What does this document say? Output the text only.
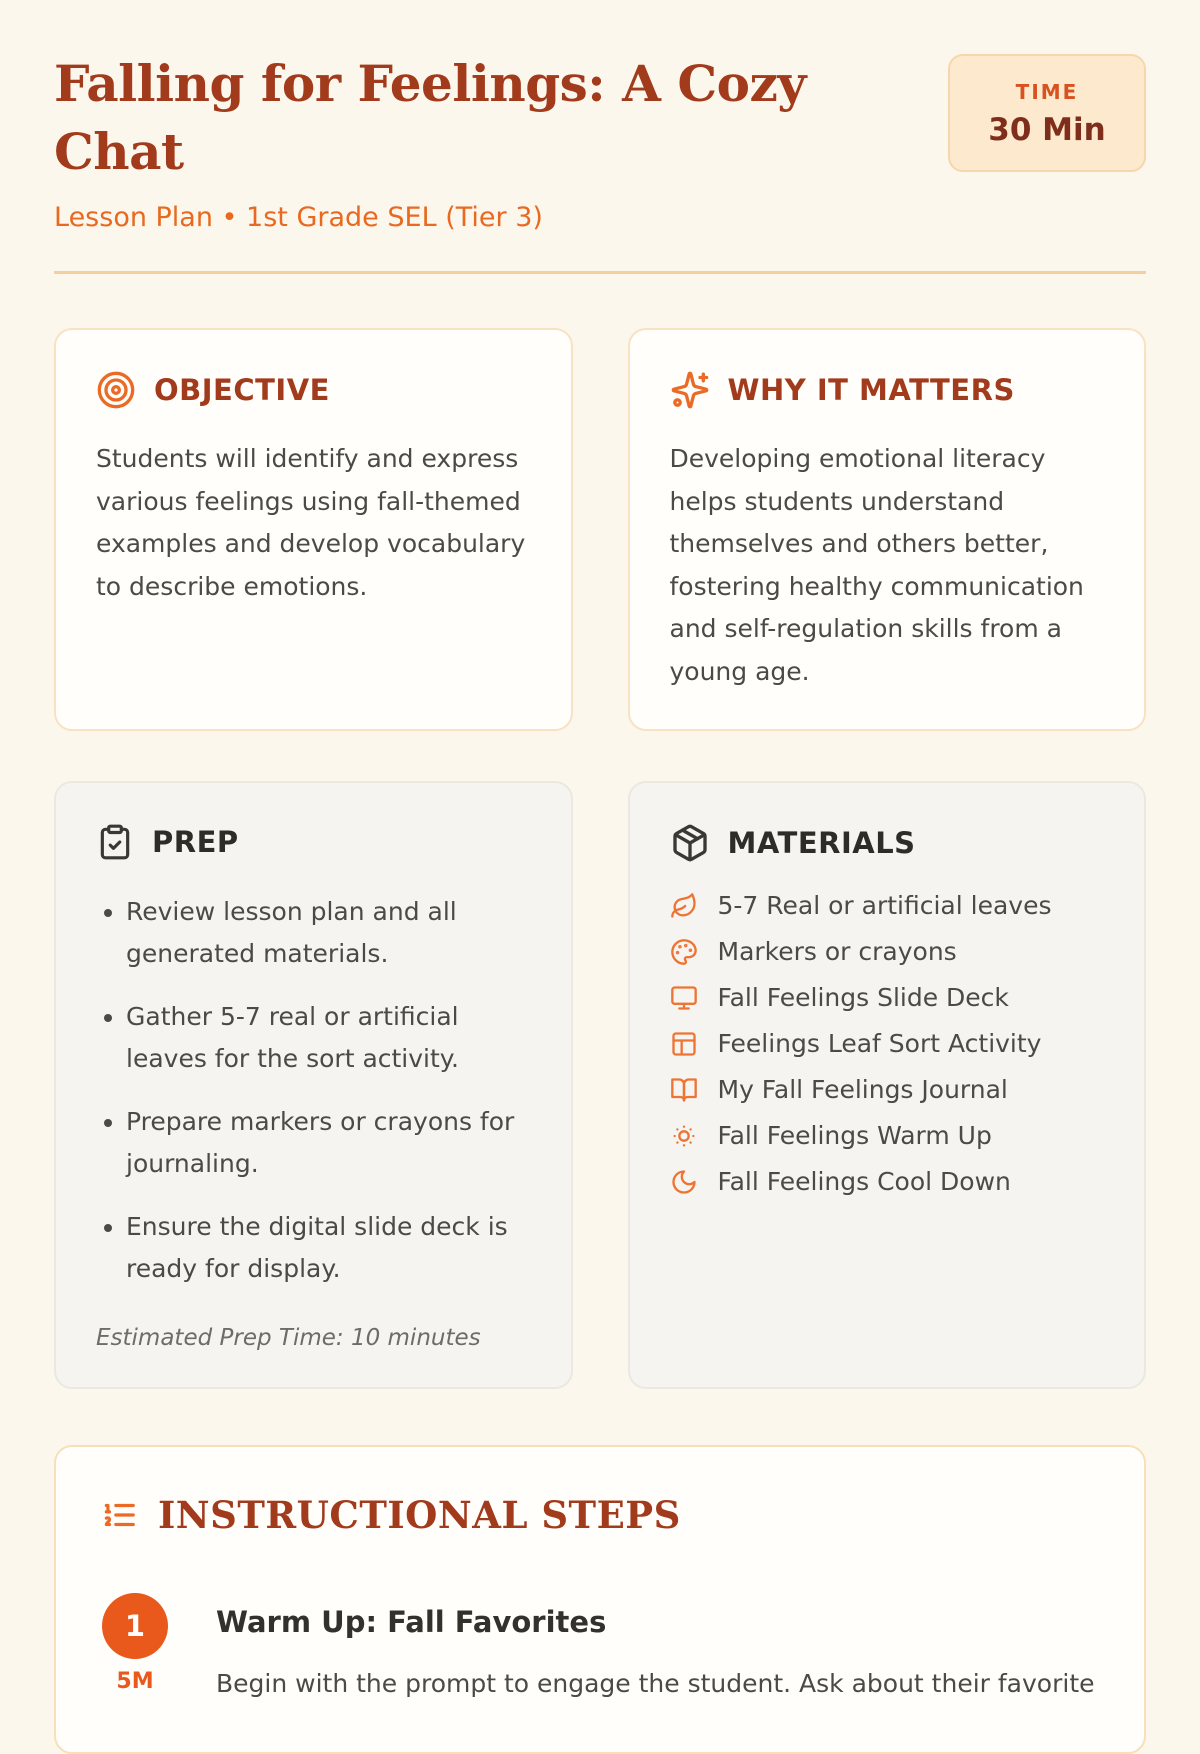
Falling for Feelings: A Cozy Chat
Lesson Plan • 1st Grade SEL (Tier 3)
TIME
30 Min
OBJECTIVE

Students will identify and express various feelings using fall-themed examples and develop vocabulary to describe emotions.

WHY IT MATTERS

Developing emotional literacy helps students understand themselves and others better, fostering healthy communication and self-regulation skills from a young age.

PREP
• Review lesson plan and all generated materials.
• Gather 5-7 real or artificial leaves for the sort activity.
• Prepare markers or crayons for journaling.
• Ensure the digital slide deck is ready for display.
Estimated Prep Time: 10 minutes
MATERIALS
5-7 Real or artificial leaves
Markers or crayons
Fall Feelings Slide Deck
Feelings Leaf Sort Activity
My Fall Feelings Journal
Fall Feelings Warm Up
Fall Feelings Cool Down
INSTRUCTIONAL STEPS
1
5M
Warm Up: Fall Favorites

Begin with the prompt to engage the student. Ask about their favorite
